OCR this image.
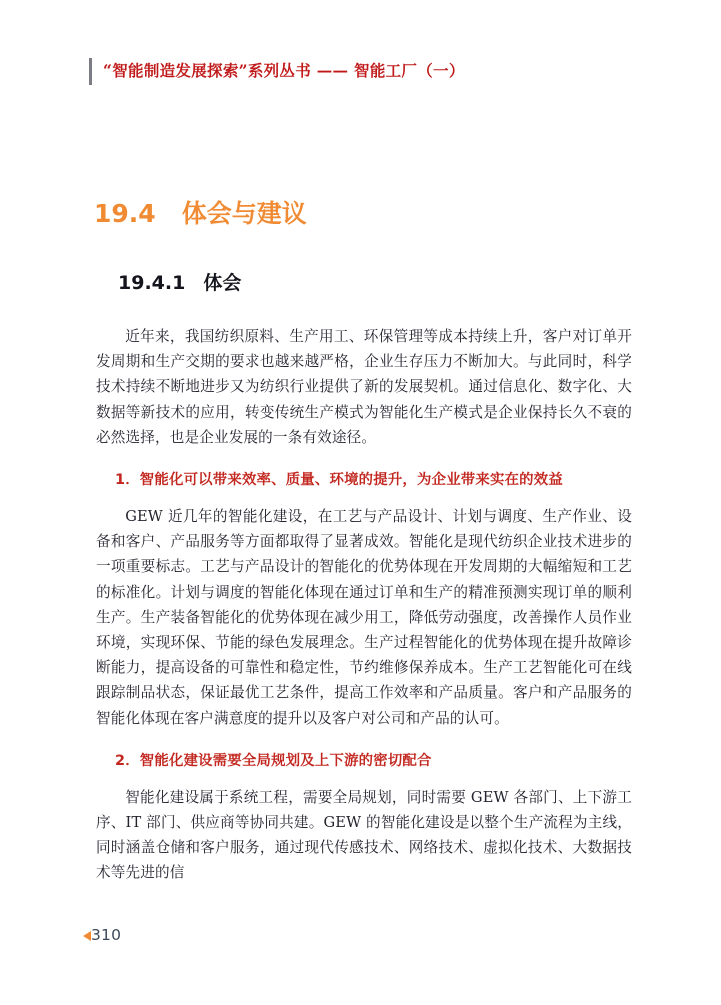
“智能制造发展探索”系列丛书 —— 智能工厂（一）
19.4 体会与建议
19.4.1 体会

近年来，我国纺织原料、生产用工、环保管理等成本持续上升，客户对订单开发周期和生产交期的要求也越来越严格，企业生存压力不断加大。与此同时，科学技术持续不断地进步又为纺织行业提供了新的发展契机。通过信息化、数字化、大数据等新技术的应用，转变传统生产模式为智能化生产模式是企业保持长久不衰的必然选择，也是企业发展的一条有效途径。

1．智能化可以带来效率、质量、环境的提升，为企业带来实在的效益

GEW 近几年的智能化建设，在工艺与产品设计、计划与调度、生产作业、设备和客户、产品服务等方面都取得了显著成效。智能化是现代纺织企业技术进步的一项重要标志。工艺与产品设计的智能化的优势体现在开发周期的大幅缩短和工艺的标准化。计划与调度的智能化体现在通过订单和生产的精准预测实现订单的顺利生产。生产装备智能化的优势体现在减少用工，降低劳动强度，改善操作人员作业环境，实现环保、节能的绿色发展理念。生产过程智能化的优势体现在提升故障诊断能力，提高设备的可靠性和稳定性，节约维修保养成本。生产工艺智能化可在线跟踪制品状态，保证最优工艺条件，提高工作效率和产品质量。客户和产品服务的智能化体现在客户满意度的提升以及客户对公司和产品的认可。

2．智能化建设需要全局规划及上下游的密切配合

智能化建设属于系统工程，需要全局规划，同时需要 GEW 各部门、上下游工序、IT 部门、供应商等协同共建。GEW 的智能化建设是以整个生产流程为主线，同时涵盖仓储和客户服务，通过现代传感技术、网络技术、虚拟化技术、大数据技术等先进的信

310
